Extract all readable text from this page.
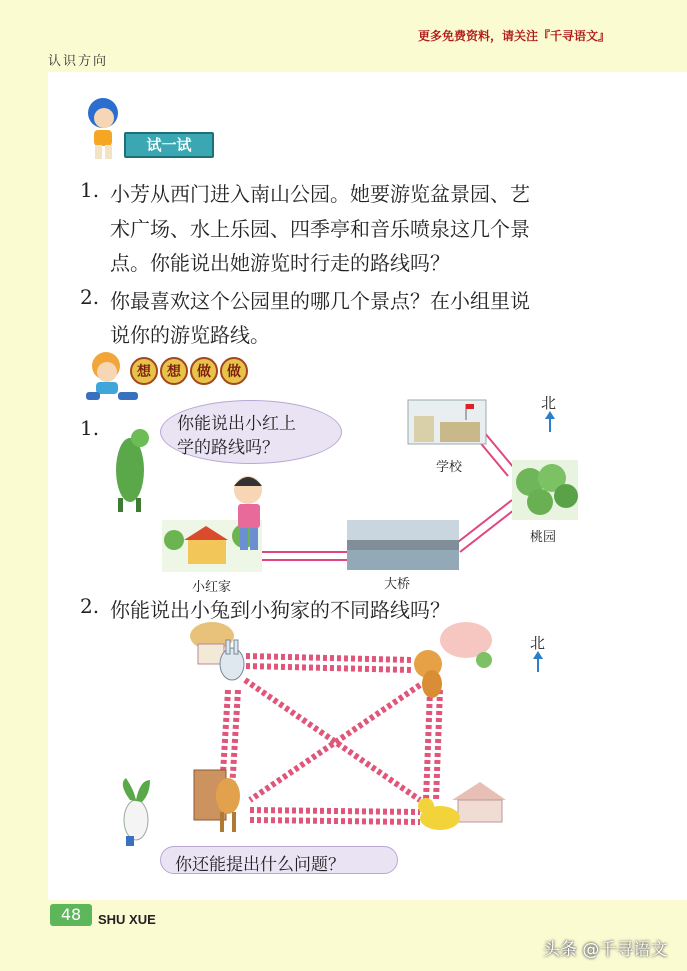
更多免费资料，请关注『千寻语文』
认识方向
试一试
1. 小芳从西门进入南山公园。她要游览盆景园、艺
术广场、水上乐园、四季亭和音乐喷泉这几个景
点。你能说出她游览时行走的路线吗？
2. 你最喜欢这个公园里的哪几个景点？在小组里说
说你的游览路线。
想	想	做	做
1.	你能说出小红上
学的路线吗？
北
学校
桃园
大桥
小红家
2. 你能说出小兔到小狗家的不同路线吗？
北
你还能提出什么问题？
48	SHU XUE
头条 @千寻语文
